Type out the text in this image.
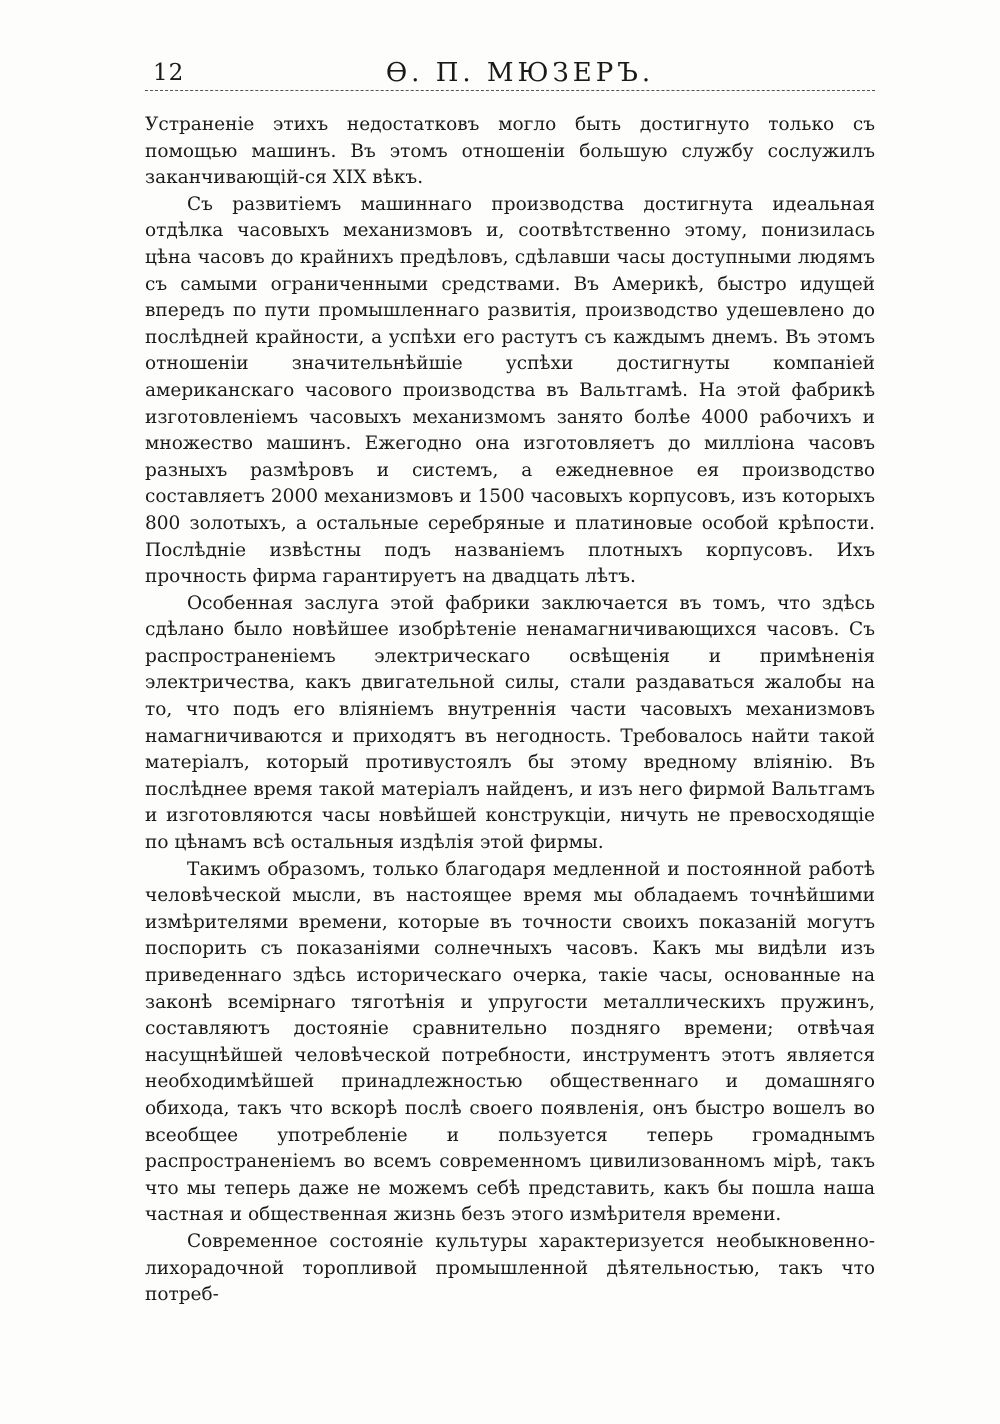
12	Ѳ. П. МЮЗЕРЪ.

Устраненіе этихъ недостатковъ могло быть достигнуто только съ помощью машинъ. Въ этомъ отношеніи большую службу сослужилъ заканчивающій-ся XIX вѣкъ.

Съ развитіемъ машиннаго производства достигнута идеальная отдѣлка часовыхъ механизмовъ и, соотвѣтственно этому, понизилась цѣна часовъ до крайнихъ предѣловъ, сдѣлавши часы доступными людямъ съ самыми ограниченными средствами. Въ Америкѣ, быстро идущей впередъ по пути промышленнаго развитія, производство удешевлено до послѣдней крайности, а успѣхи его растутъ съ каждымъ днемъ. Въ этомъ отношеніи значительнѣйшіе успѣхи достигнуты компаніей американскаго часового производства въ Вальтгамѣ. На этой фабрикѣ изготовленіемъ часовыхъ механизмомъ занято болѣе 4000 рабочихъ и множество машинъ. Ежегодно она изготовляетъ до милліона часовъ разныхъ размѣровъ и системъ, а ежедневное ея производство составляетъ 2000 механизмовъ и 1500 часовыхъ корпусовъ, изъ которыхъ 800 золотыхъ, а остальные серебряные и платиновые особой крѣпости. Послѣдніе извѣстны подъ названіемъ плотныхъ корпусовъ. Ихъ прочность фирма гарантируетъ на двадцать лѣтъ.

Особенная заслуга этой фабрики заключается въ томъ, что здѣсь сдѣлано было новѣйшее изобрѣтеніе ненамагничивающихся часовъ. Съ распространеніемъ электрическаго освѣщенія и примѣненія электричества, какъ двигательной силы, стали раздаваться жалобы на то, что подъ его вліяніемъ внутреннія части часовыхъ механизмовъ намагничиваются и приходятъ въ негодность. Требовалось найти такой матеріалъ, который противустоялъ бы этому вредному вліянію. Въ послѣднее время такой матеріалъ найденъ, и изъ него фирмой Вальтгамъ и изготовляются часы новѣйшей конструкціи, ничуть не превосходящіе по цѣнамъ всѣ остальныя издѣлія этой фирмы.

Такимъ образомъ, только благодаря медленной и постоянной работѣ человѣческой мысли, въ настоящее время мы обладаемъ точнѣйшими измѣрителями времени, которые въ точности своихъ показаній могутъ поспорить съ показаніями солнечныхъ часовъ. Какъ мы видѣли изъ приведеннаго здѣсь историческаго очерка, такіе часы, основанные на законѣ всемірнаго тяготѣнія и упругости металлическихъ пружинъ, составляютъ достояніе сравнительно поздняго времени; отвѣчая насущнѣйшей человѣческой потребности, инструментъ этотъ является необходимѣйшей принадлежностью общественнаго и домашняго обихода, такъ что вскорѣ послѣ своего появленія, онъ быстро вошелъ во всеобщее употребленіе и пользуется теперь громаднымъ распространеніемъ во всемъ современномъ цивилизованномъ мірѣ, такъ что мы теперь даже не можемъ себѣ представить, какъ бы пошла наша частная и общественная жизнь безъ этого измѣрителя времени.

Современное состояніе культуры характеризуется необыкновенно-лихорадочной торопливой промышленной дѣятельностью, такъ что потреб-
